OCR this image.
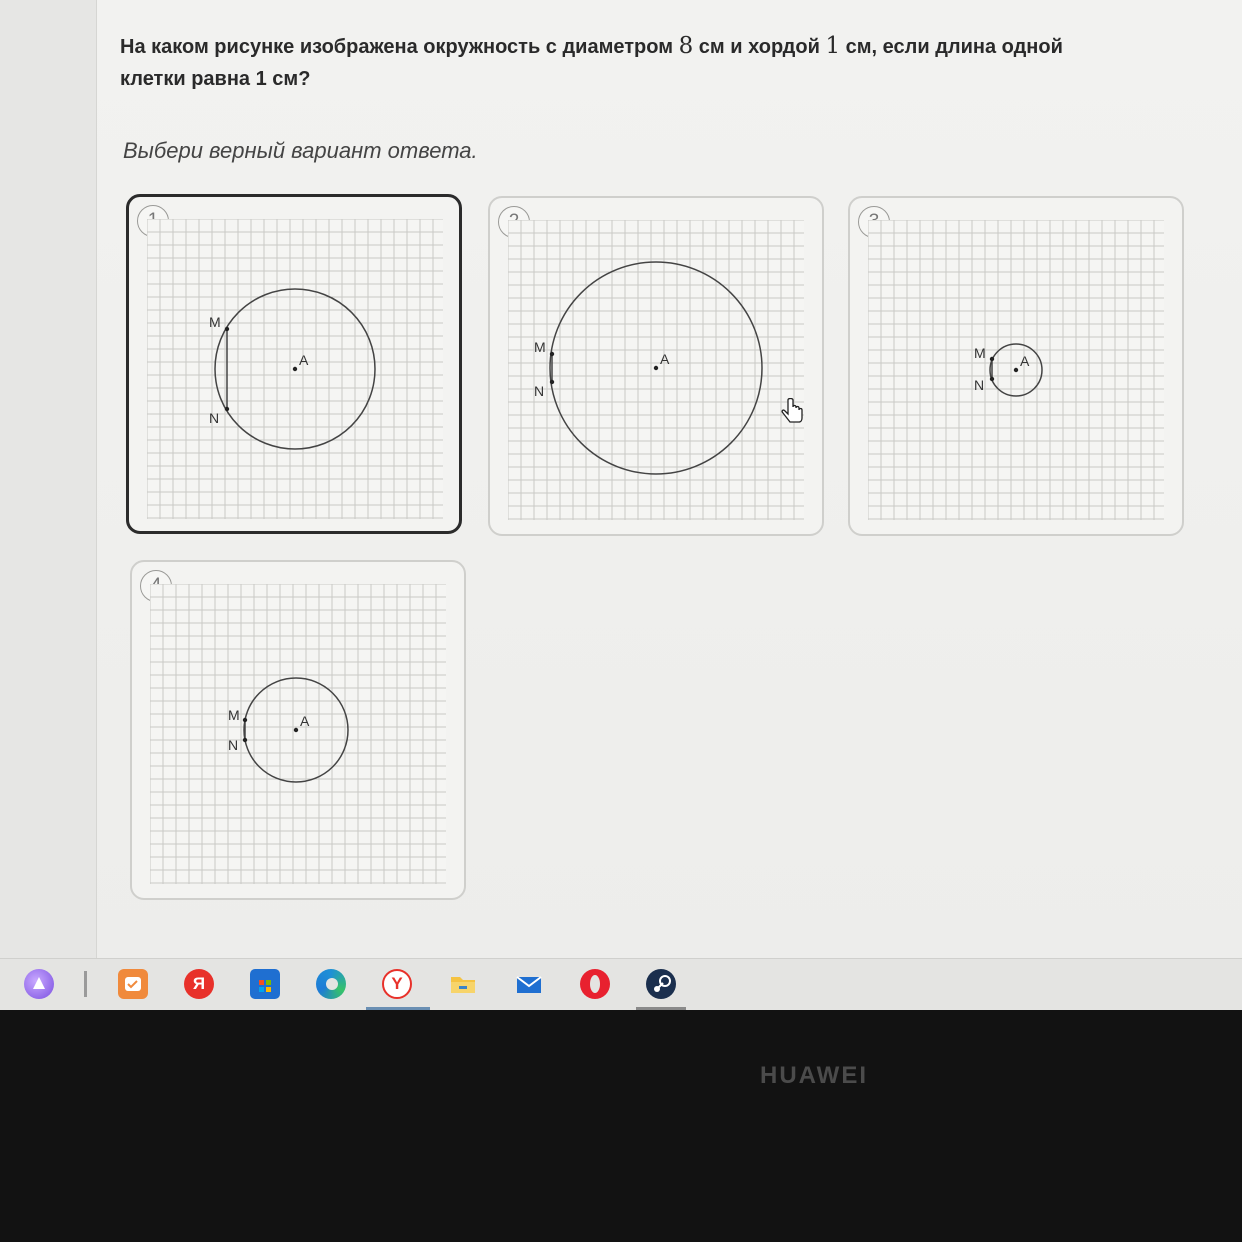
На каком рисунке изображена окружность с диаметром 8 см и хордой 1 см, если длина одной клетки равна 1 см?
Выбери верный вариант ответа.
M
N
A
M
N
A	M
N
A
M
N
A
Я	Y
HUAWEI
